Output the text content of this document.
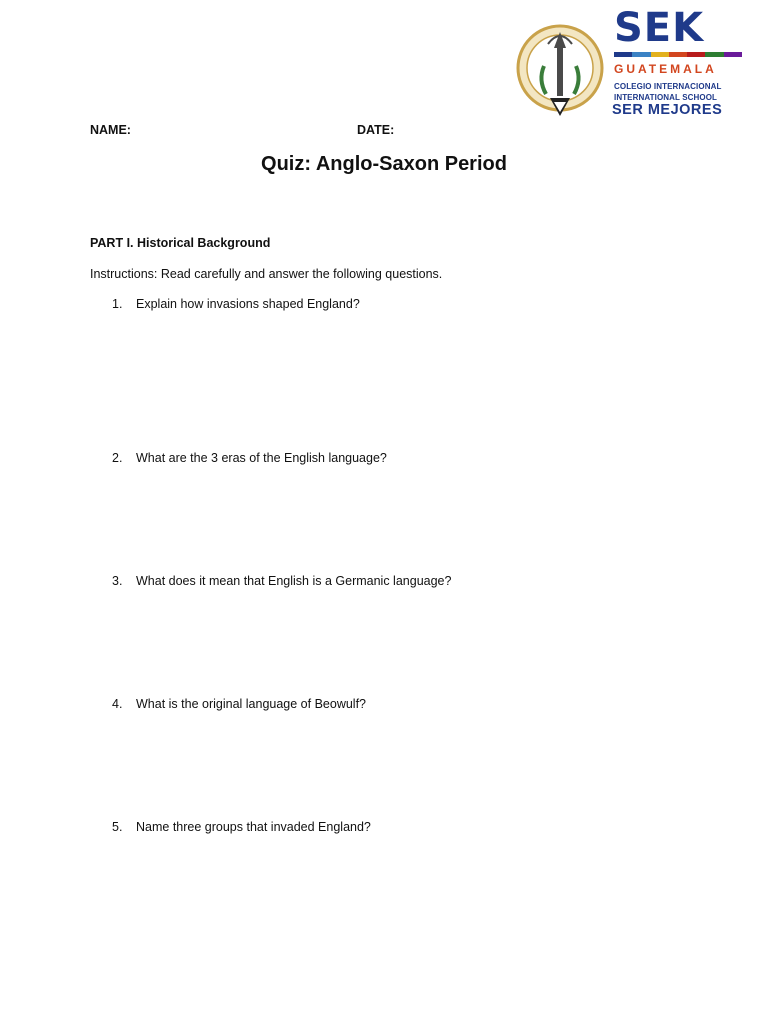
SEK
GUATEMALA
COLEGIO INTERNACIONAL
INTERNATIONAL SCHOOL
SER MEJORES
NAME:	DATE:
Quiz: Anglo-Saxon Period
PART I. Historical Background
Instructions: Read carefully and answer the following questions.
1. Explain how invasions shaped England?
2. What are the 3 eras of the English language?
3. What does it mean that English is a Germanic language?
4. What is the original language of Beowulf?
5. Name three groups that invaded England?
